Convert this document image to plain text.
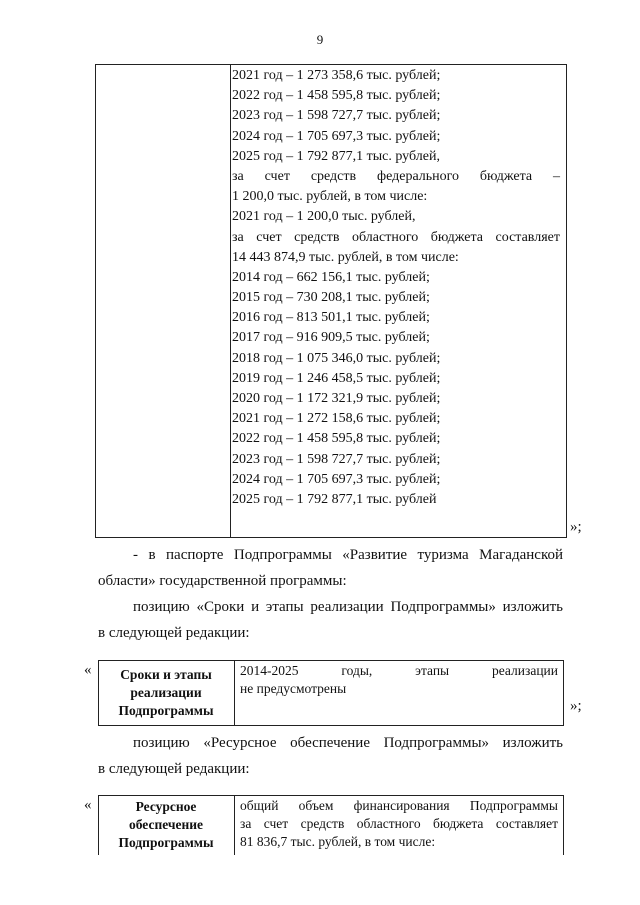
9
2021 год – 1 273 358,6 тыс. рублей;
2022 год – 1 458 595,8 тыс. рублей;
2023 год – 1 598 727,7 тыс. рублей;
2024 год – 1 705 697,3 тыс. рублей;
2025 год – 1 792 877,1 тыс. рублей,
за счет средств федерального бюджета –
1 200,0 тыс. рублей, в том числе:
2021 год – 1 200,0 тыс. рублей,
за счет средств областного бюджета составляет
14 443 874,9 тыс. рублей, в том числе:
2014 год – 662 156,1 тыс. рублей;
2015 год – 730 208,1 тыс. рублей;
2016 год – 813 501,1 тыс. рублей;
2017 год – 916 909,5 тыс. рублей;
2018 год – 1 075 346,0 тыс. рублей;
2019 год – 1 246 458,5 тыс. рублей;
2020 год – 1 172 321,9 тыс. рублей;
2021 год – 1 272 158,6 тыс. рублей;
2022 год – 1 458 595,8 тыс. рублей;
2023 год – 1 598 727,7 тыс. рублей;
2024 год – 1 705 697,3 тыс. рублей;
2025 год – 1 792 877,1 тыс. рублей
»;
- в паспорте Подпрограммы «Развитие туризма Магаданской
области» государственной программы:
позицию «Сроки и этапы реализации Подпрограммы» изложить
в следующей редакции:
«	Сроки и этапы
реализации
Подпрограммы
2014-2025 годы, этапы реализации
не предусмотрены
»;
позицию «Ресурсное обеспечение Подпрограммы» изложить
в следующей редакции:
«	Ресурсное
обеспечение
Подпрограммы
общий объем финансирования Подпрограммы
за счет средств областного бюджета составляет
81 836,7 тыс. рублей, в том числе:
